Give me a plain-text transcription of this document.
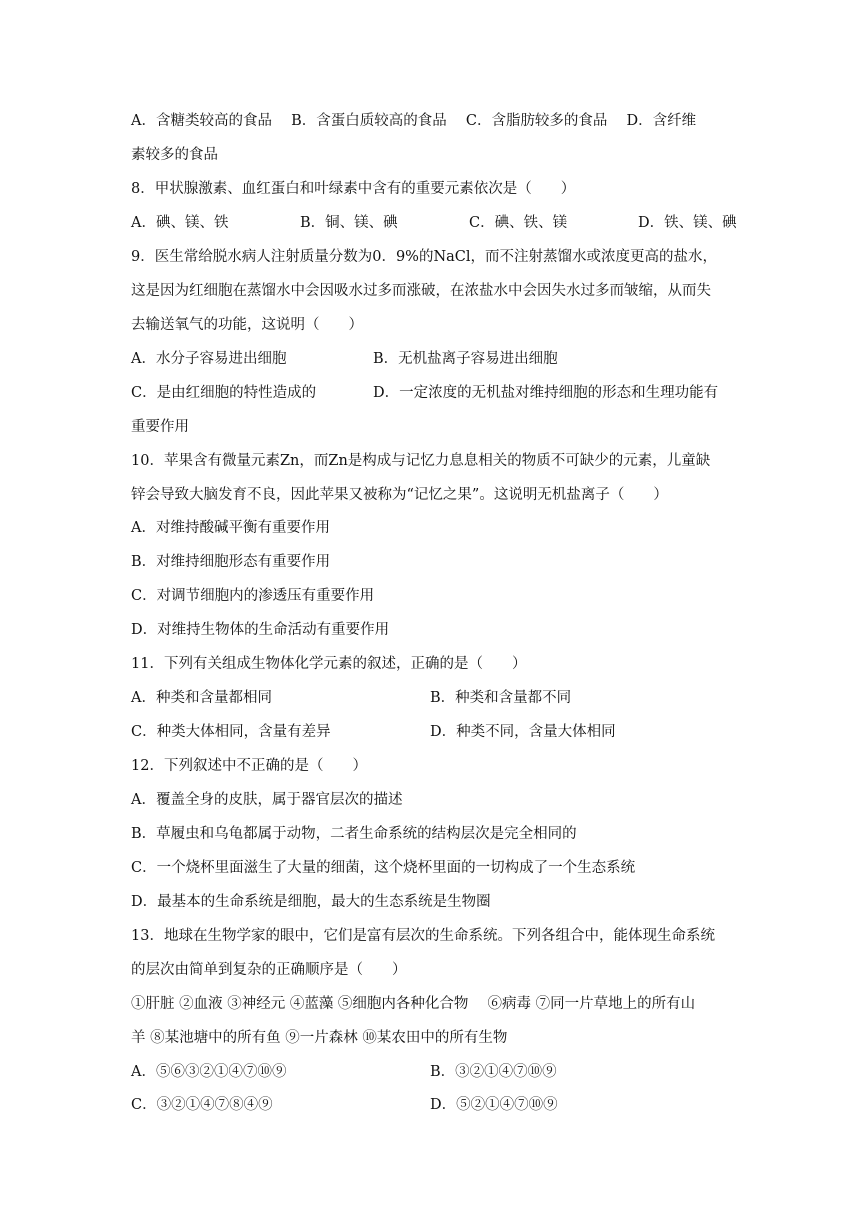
A．含糖类较高的食品　 B．含蛋白质较高的食品　 C．含脂肪较多的食品　 D．含纤维
素较多的食品
8．甲状腺激素、血红蛋白和叶绿素中含有的重要元素依次是（　　）
A．碘、镁、铁	B．铜、镁、碘	C．碘、铁、镁	D．铁、镁、碘
9．医生常给脱水病人注射质量分数为0．9%的NaCl，而不注射蒸馏水或浓度更高的盐水，
这是因为红细胞在蒸馏水中会因吸水过多而涨破，在浓盐水中会因失水过多而皱缩，从而失
去输送氧气的功能，这说明（　　）
A．水分子容易进出细胞	B．无机盐离子容易进出细胞
C．是由红细胞的特性造成的	D．一定浓度的无机盐对维持细胞的形态和生理功能有
重要作用
10．苹果含有微量元素Zn，而Zn是构成与记忆力息息相关的物质不可缺少的元素，儿童缺
锌会导致大脑发育不良，因此苹果又被称为“记忆之果”。这说明无机盐离子（　　）
A．对维持酸碱平衡有重要作用
B．对维持细胞形态有重要作用
C．对调节细胞内的渗透压有重要作用
D．对维持生物体的生命活动有重要作用
11．下列有关组成生物体化学元素的叙述，正确的是（　　）
A．种类和含量都相同	B．种类和含量都不同
C．种类大体相同，含量有差异	D．种类不同，含量大体相同
12．下列叙述中不正确的是（　　）
A．覆盖全身的皮肤，属于器官层次的描述
B．草履虫和乌龟都属于动物，二者生命系统的结构层次是完全相同的
C．一个烧杯里面滋生了大量的细菌，这个烧杯里面的一切构成了一个生态系统
D．最基本的生命系统是细胞，最大的生态系统是生物圈
13．地球在生物学家的眼中，它们是富有层次的生命系统。下列各组合中，能体现生命系统
的层次由简单到复杂的正确顺序是（　　）
①肝脏 ②血液 ③神经元 ④蓝藻 ⑤细胞内各种化合物　 ⑥病毒 ⑦同一片草地上的所有山
羊 ⑧某池塘中的所有鱼 ⑨一片森林 ⑩某农田中的所有生物
A．⑤⑥③②①④⑦⑩⑨	B．③②①④⑦⑩⑨
C．③②①④⑦⑧④⑨	D．⑤②①④⑦⑩⑨
